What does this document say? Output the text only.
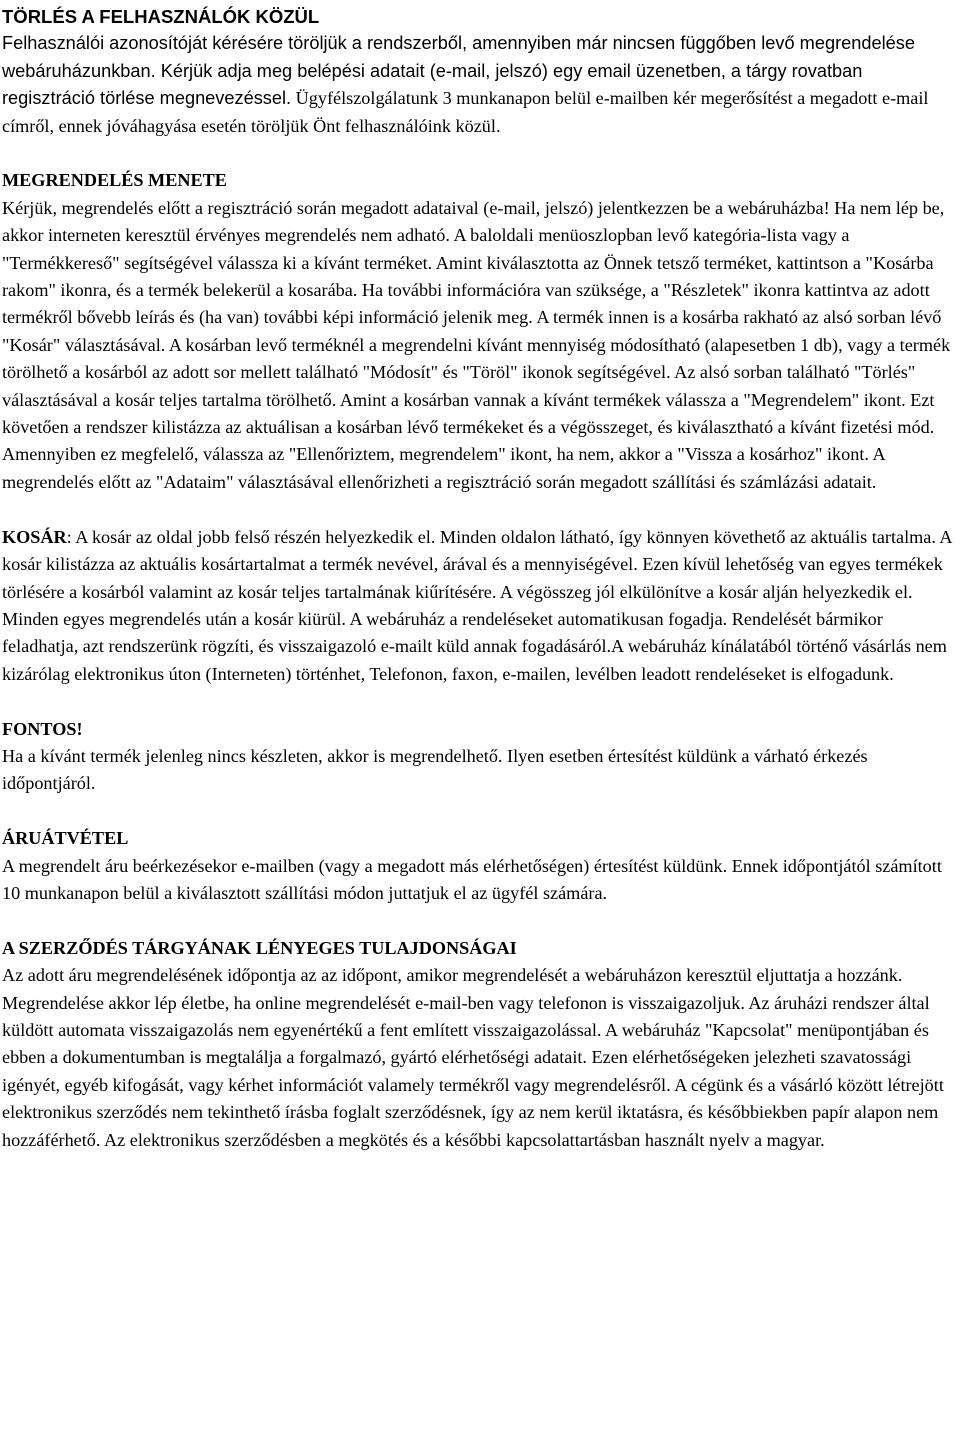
TÖRLÉS A FELHASZNÁLÓK KÖZÜL

Felhasználói azonosítóját kérésére töröljük a rendszerből, amennyiben már nincsen függőben levő megrendelése webáruházunkban. Kérjük adja meg belépési adatait (e-mail, jelszó) egy email üzenetben, a tárgy rovatban regisztráció törlése megnevezéssel. Ügyfélszolgálatunk 3 munkanapon belül e-mailben kér megerősítést a megadott e-mail címről, ennek jóváhagyása esetén töröljük Önt felhasználóink közül.

MEGRENDELÉS MENETE

Kérjük, megrendelés előtt a regisztráció során megadott adataival (e-mail, jelszó) jelentkezzen be a webáruházba! Ha nem lép be, akkor interneten keresztül érvényes megrendelés nem adható. A baloldali menüoszlopban levő kategória-lista vagy a "Termékkereső" segítségével válassza ki a kívánt terméket. Amint kiválasztotta az Önnek tetsző terméket, kattintson a "Kosárba rakom" ikonra, és a termék belekerül a kosarába. Ha további információra van szüksége, a "Részletek" ikonra kattintva az adott termékről bővebb leírás és (ha van) további képi információ jelenik meg. A termék innen is a kosárba rakható az alsó sorban lévő "Kosár" választásával. A kosárban levő terméknél a megrendelni kívánt mennyiség módosítható (alapesetben 1 db), vagy a termék törölhető a kosárból az adott sor mellett található "Módosít" és "Töröl" ikonok segítségével. Az alsó sorban található "Törlés" választásával a kosár teljes tartalma törölhető. Amint a kosárban vannak a kívánt termékek válassza a "Megrendelem" ikont. Ezt követően a rendszer kilistázza az aktuálisan a kosárban lévő termékeket és a végösszeget, és kiválasztható a kívánt fizetési mód. Amennyiben ez megfelelő, válassza az "Ellenőriztem, megrendelem" ikont, ha nem, akkor a "Vissza a kosárhoz" ikont. A megrendelés előtt az "Adataim" választásával ellenőrizheti a regisztráció során megadott szállítási és számlázási adatait.

KOSÁR: A kosár az oldal jobb felső részén helyezkedik el. Minden oldalon látható, így könnyen követhető az aktuális tartalma. A kosár kilistázza az aktuális kosártartalmat a termék nevével, árával és a mennyiségével. Ezen kívül lehetőség van egyes termékek törlésére a kosárból valamint az kosár teljes tartalmának kiűrítésére. A végösszeg jól elkülönítve a kosár alján helyezkedik el. Minden egyes megrendelés után a kosár kiürül. A webáruház a rendeléseket automatikusan fogadja. Rendelését bármikor feladhatja, azt rendszerünk rögzíti, és visszaigazoló e-mailt küld annak fogadásáról.A webáruház kínálatából történő vásárlás nem kizárólag elektronikus úton (Interneten) történhet, Telefonon, faxon, e-mailen, levélben leadott rendeléseket is elfogadunk.

FONTOS!

Ha a kívánt termék jelenleg nincs készleten, akkor is megrendelhető. Ilyen esetben értesítést küldünk a várható érkezés időpontjáról.

ÁRUÁTVÉTEL

A megrendelt áru beérkezésekor e-mailben (vagy a megadott más elérhetőségen) értesítést küldünk. Ennek időpontjától számított 10 munkanapon belül a kiválasztott szállítási módon juttatjuk el az ügyfél számára.

A SZERZŐDÉS TÁRGYÁNAK LÉNYEGES TULAJDONSÁGAI

Az adott áru megrendelésének időpontja az az időpont, amikor megrendelését a webáruházon keresztül eljuttatja a hozzánk. Megrendelése akkor lép életbe, ha online megrendelését e-mail-ben vagy telefonon is visszaigazoljuk. Az áruházi rendszer által küldött automata visszaigazolás nem egyenértékű a fent említett visszaigazolással. A webáruház "Kapcsolat" menüpontjában és ebben a dokumentumban is megtalálja a forgalmazó, gyártó elérhetőségi adatait. Ezen elérhetőségeken jelezheti szavatossági igényét, egyéb kifogását, vagy kérhet információt valamely termékről vagy megrendelésről. A cégünk és a vásárló között létrejött elektronikus szerződés nem tekinthető írásba foglalt szerződésnek, így az nem kerül iktatásra, és későbbiekben papír alapon nem hozzáférhető. Az elektronikus szerződésben a megkötés és a későbbi kapcsolattartásban használt nyelv a magyar.
